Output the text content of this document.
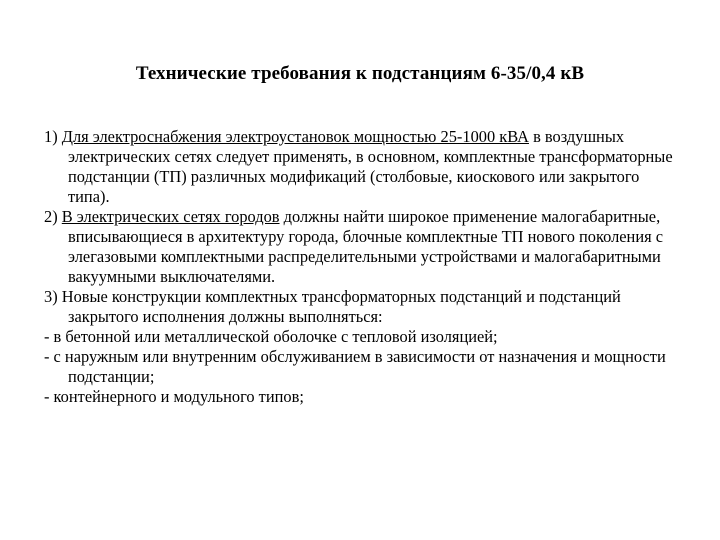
Технические требования к подстанциям 6-35/0,4 кВ

1) Для электроснабжения электроустановок мощностью 25-1000 кВА в воздушных электрических сетях следует применять, в основном, комплектные трансформаторные подстанции (ТП) различных модификаций (столбовые, киоскового или закрытого типа).

2) В электрических сетях городов должны найти широкое применение малогабаритные, вписывающиеся в архитектуру города, блочные комплектные ТП нового поколения с элегазовыми комплектными распределительными устройствами и малогабаритными вакуумными выключателями.

3) Новые конструкции комплектных трансформаторных подстанций и подстанций закрытого исполнения должны выполняться:

- в бетонной или металлической оболочке с тепловой изоляцией;

- с наружным или внутренним обслуживанием в зависимости от назначения и мощности подстанции;

- контейнерного и модульного типов;
